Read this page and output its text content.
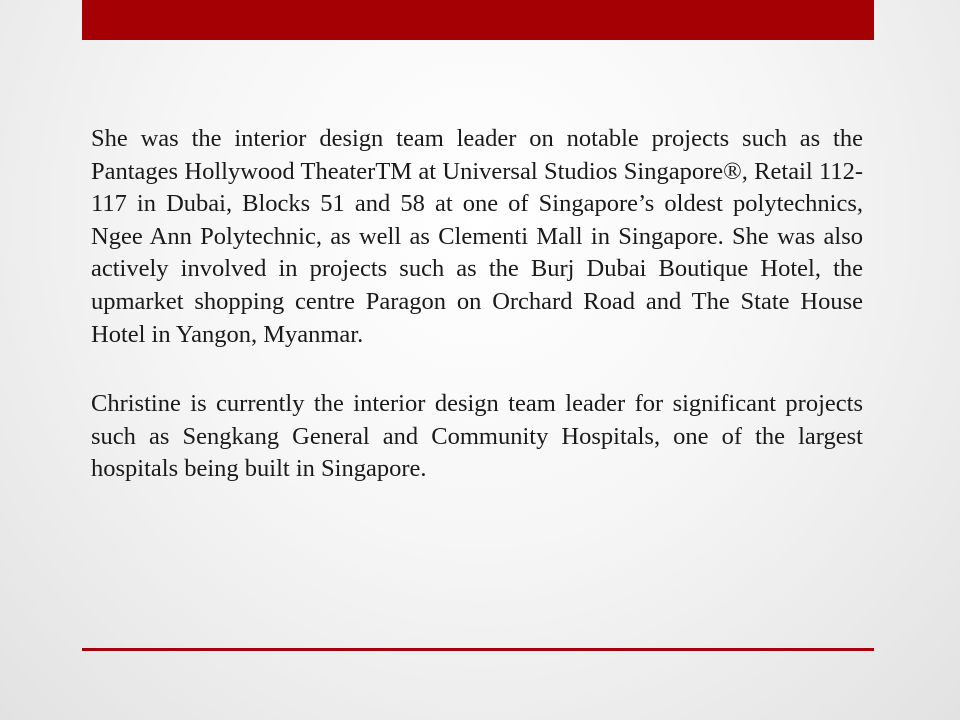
She was the interior design team leader on notable projects such as the Pantages Hollywood TheaterTM at Universal Studios Singapore®, Retail 112-117 in Dubai, Blocks 51 and 58 at one of Singapore’s oldest polytechnics, Ngee Ann Polytechnic, as well as Clementi Mall in Singapore. She was also actively involved in projects such as the Burj Dubai Boutique Hotel, the upmarket shopping centre Paragon on Orchard Road and The State House Hotel in Yangon, Myanmar.

Christine is currently the interior design team leader for significant projects such as Sengkang General and Community Hospitals, one of the largest hospitals being built in Singapore.
